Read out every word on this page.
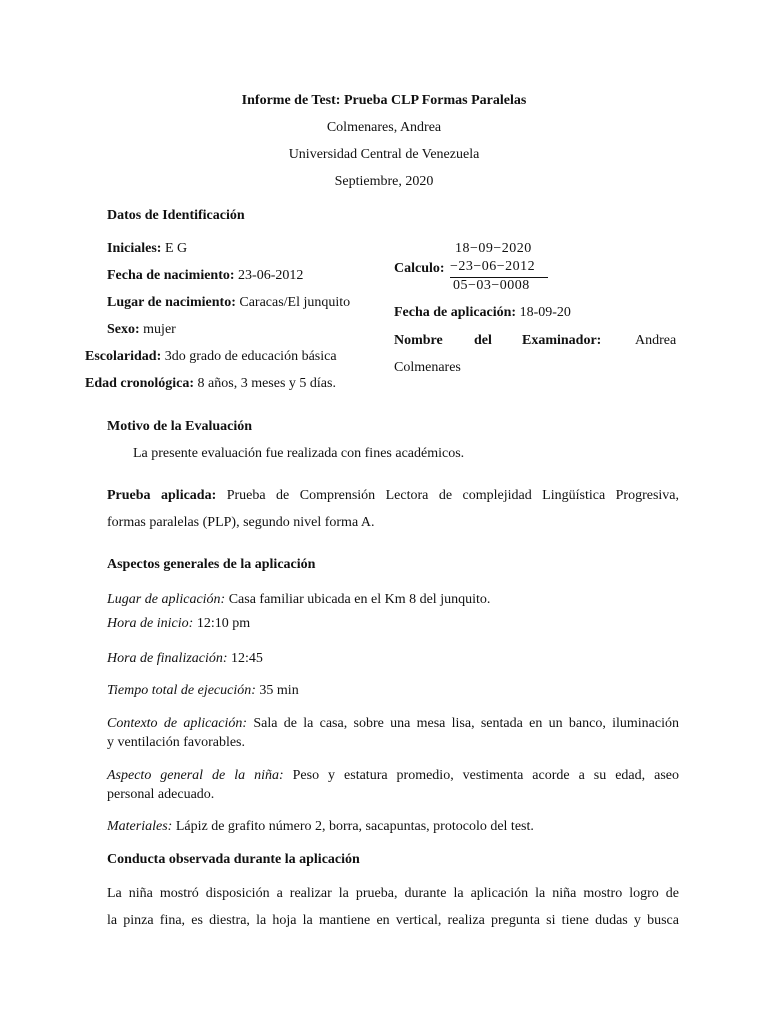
Informe de Test: Prueba CLP Formas Paralelas
Colmenares, Andrea
Universidad Central de Venezuela
Septiembre, 2020
Datos de Identificación
Iniciales: E G
Fecha de nacimiento: 23-06-2012
Lugar de nacimiento: Caracas/El junquito
Sexo: mujer
Escolaridad: 3do grado de educación básica
Edad cronológica: 8 años, 3 meses y 5 días.
18−09−2020
Calculo: −23−06−2012
05−03−0008
Fecha de aplicación: 18-09-20
Nombre del Examinador: Andrea
Colmenares
Motivo de la Evaluación
La presente evaluación fue realizada con fines académicos.
Prueba aplicada: Prueba de Comprensión Lectora de complejidad Lingüística Progresiva,
formas paralelas (PLP), segundo nivel forma A.
Aspectos generales de la aplicación
Lugar de aplicación: Casa familiar ubicada en el Km 8 del junquito.
Hora de inicio: 12:10 pm
Hora de finalización: 12:45
Tiempo total de ejecución: 35 min
Contexto de aplicación: Sala de la casa, sobre una mesa lisa, sentada en un banco, iluminación
y ventilación favorables.
Aspecto general de la niña: Peso y estatura promedio, vestimenta acorde a su edad, aseo
personal adecuado.
Materiales: Lápiz de grafito número 2, borra, sacapuntas, protocolo del test.
Conducta observada durante la aplicación
La niña mostró disposición a realizar la prueba, durante la aplicación la niña mostro logro de
la pinza fina, es diestra, la hoja la mantiene en vertical, realiza pregunta si tiene dudas y busca
